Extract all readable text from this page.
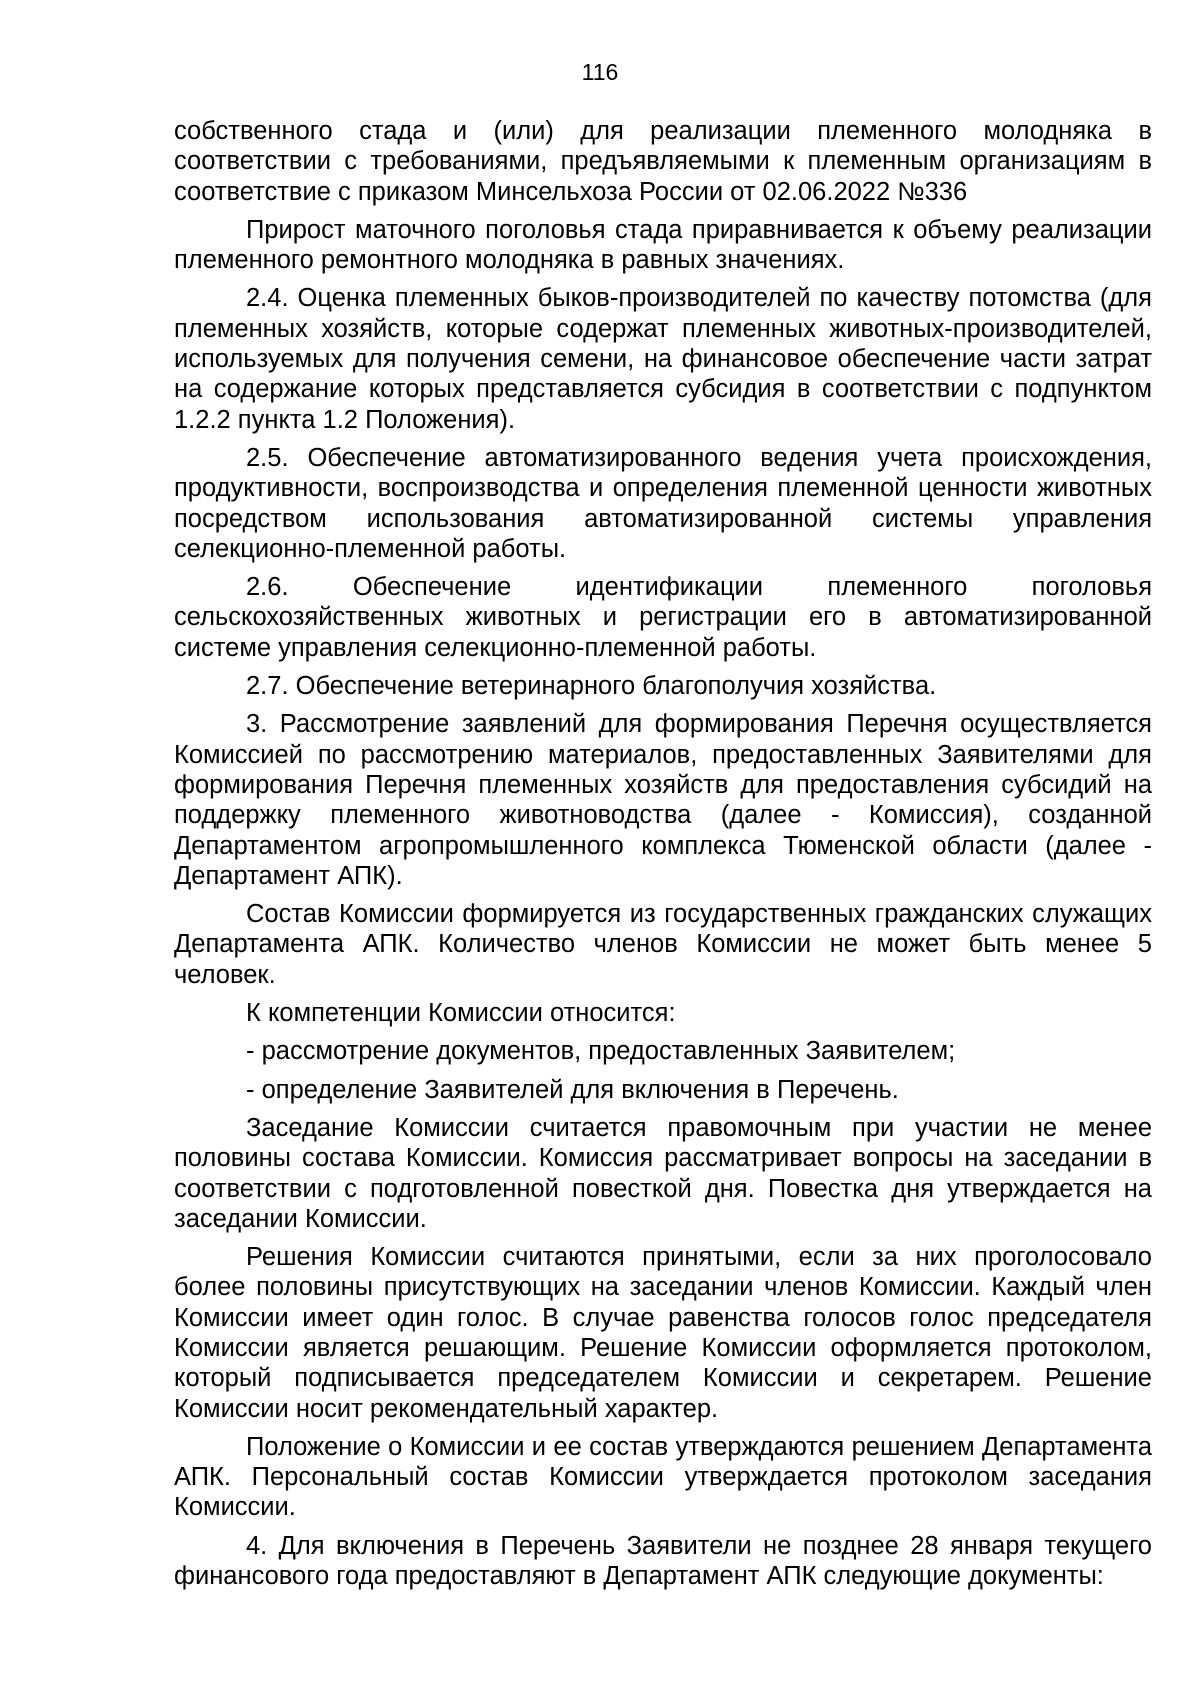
116

собственного стада и (или) для реализации племенного молодняка в соответствии с требованиями, предъявляемыми к племенным организациям в соответствие с приказом Минсельхоза России от 02.06.2022 №336

Прирост маточного поголовья стада приравнивается к объему реализации племенного ремонтного молодняка в равных значениях.

2.4. Оценка племенных быков-производителей по качеству потомства (для племенных хозяйств, которые содержат племенных животных-производителей, используемых для получения семени, на финансовое обеспечение части затрат на содержание которых представляется субсидия в соответствии с подпунктом 1.2.2 пункта 1.2 Положения).

2.5. Обеспечение автоматизированного ведения учета происхождения, продуктивности, воспроизводства и определения племенной ценности животных посредством использования автоматизированной системы управления селекционно-племенной работы.

2.6. Обеспечение идентификации племенного поголовья сельскохозяйственных животных и регистрации его в автоматизированной системе управления селекционно-племенной работы.

2.7. Обеспечение ветеринарного благополучия хозяйства.

3. Рассмотрение заявлений для формирования Перечня осуществляется Комиссией по рассмотрению материалов, предоставленных Заявителями для формирования Перечня племенных хозяйств для предоставления субсидий на поддержку племенного животноводства (далее - Комиссия), созданной Департаментом агропромышленного комплекса Тюменской области (далее - Департамент АПК).

Состав Комиссии формируется из государственных гражданских служащих Департамента АПК. Количество членов Комиссии не может быть менее 5 человек.

К компетенции Комиссии относится:

- рассмотрение документов, предоставленных Заявителем;

- определение Заявителей для включения в Перечень.

Заседание Комиссии считается правомочным при участии не менее половины состава Комиссии. Комиссия рассматривает вопросы на заседании в соответствии с подготовленной повесткой дня. Повестка дня утверждается на заседании Комиссии.

Решения Комиссии считаются принятыми, если за них проголосовало более половины присутствующих на заседании членов Комиссии. Каждый член Комиссии имеет один голос. В случае равенства голосов голос председателя Комиссии является решающим. Решение Комиссии оформляется протоколом, который подписывается председателем Комиссии и секретарем. Решение Комиссии носит рекомендательный характер.

Положение о Комиссии и ее состав утверждаются решением Департамента АПК. Персональный состав Комиссии утверждается протоколом заседания Комиссии.

4. Для включения в Перечень Заявители не позднее 28 января текущего финансового года предоставляют в Департамент АПК следующие документы:
